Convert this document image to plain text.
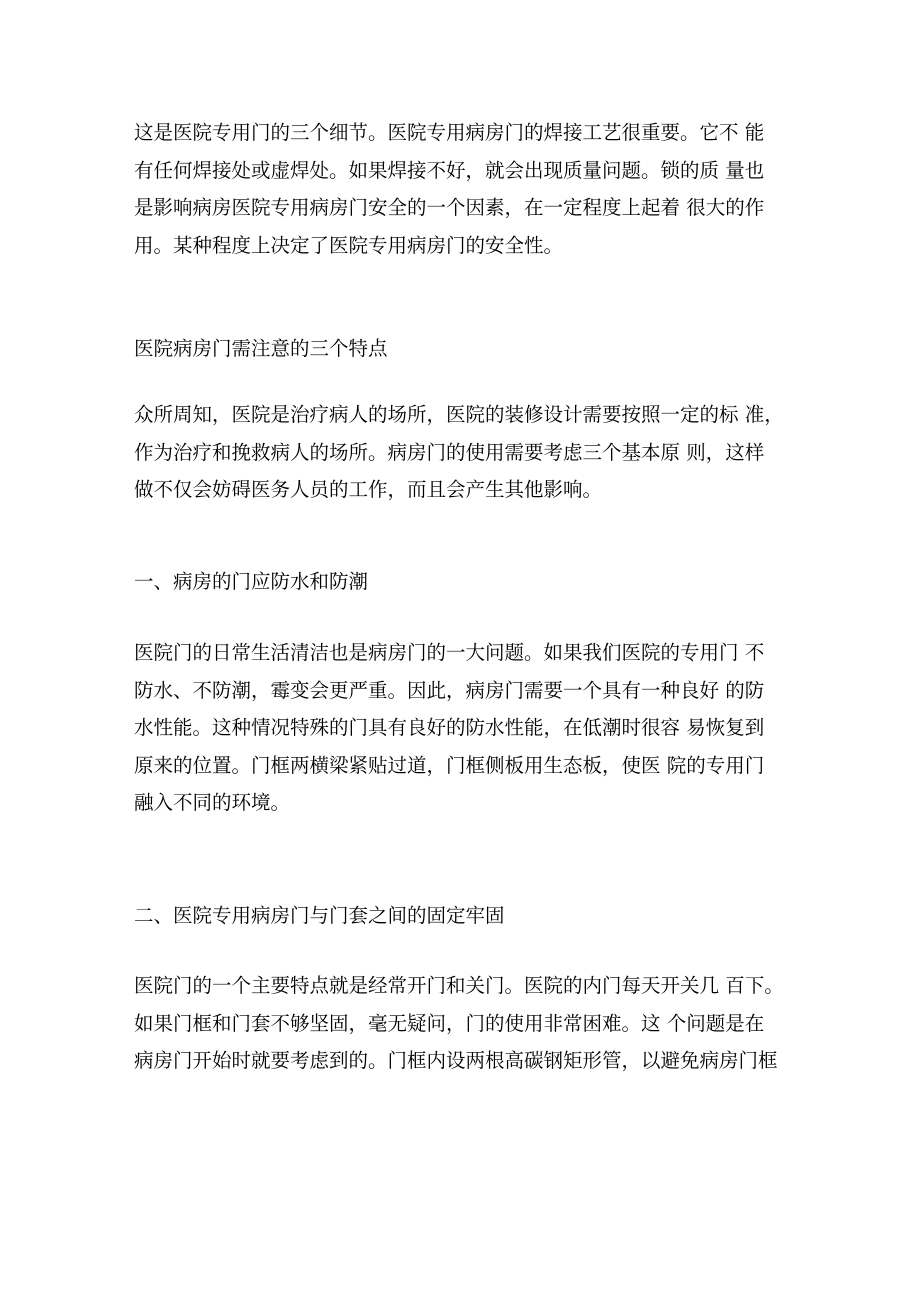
这是医院专用门的三个细节。医院专用病房门的焊接工艺很重要。它不 能
有任何焊接处或虚焊处。如果焊接不好，就会出现质量问题。锁的质 量也
是影响病房医院专用病房门安全的一个因素，在一定程度上起着 很大的作
用。某种程度上决定了医院专用病房门的安全性。
医院病房门需注意的三个特点
众所周知，医院是治疗病人的场所，医院的装修设计需要按照一定的标 准，
作为治疗和挽救病人的场所。病房门的使用需要考虑三个基本原 则，这样
做不仅会妨碍医务人员的工作，而且会产生其他影响。
一、病房的门应防水和防潮
医院门的日常生活清洁也是病房门的一大问题。如果我们医院的专用门 不
防水、不防潮，霉变会更严重。因此，病房门需要一个具有一种良好 的防
水性能。这种情况特殊的门具有良好的防水性能，在低潮时很容 易恢复到
原来的位置。门框两横梁紧贴过道，门框侧板用生态板，使医 院的专用门
融入不同的环境。
二、医院专用病房门与门套之间的固定牢固
医院门的一个主要特点就是经常开门和关门。医院的内门每天开关几 百下。
如果门框和门套不够坚固，毫无疑问，门的使用非常困难。这 个问题是在
病房门开始时就要考虑到的。门框内设两根高碳钢矩形管，以避免病房门框
